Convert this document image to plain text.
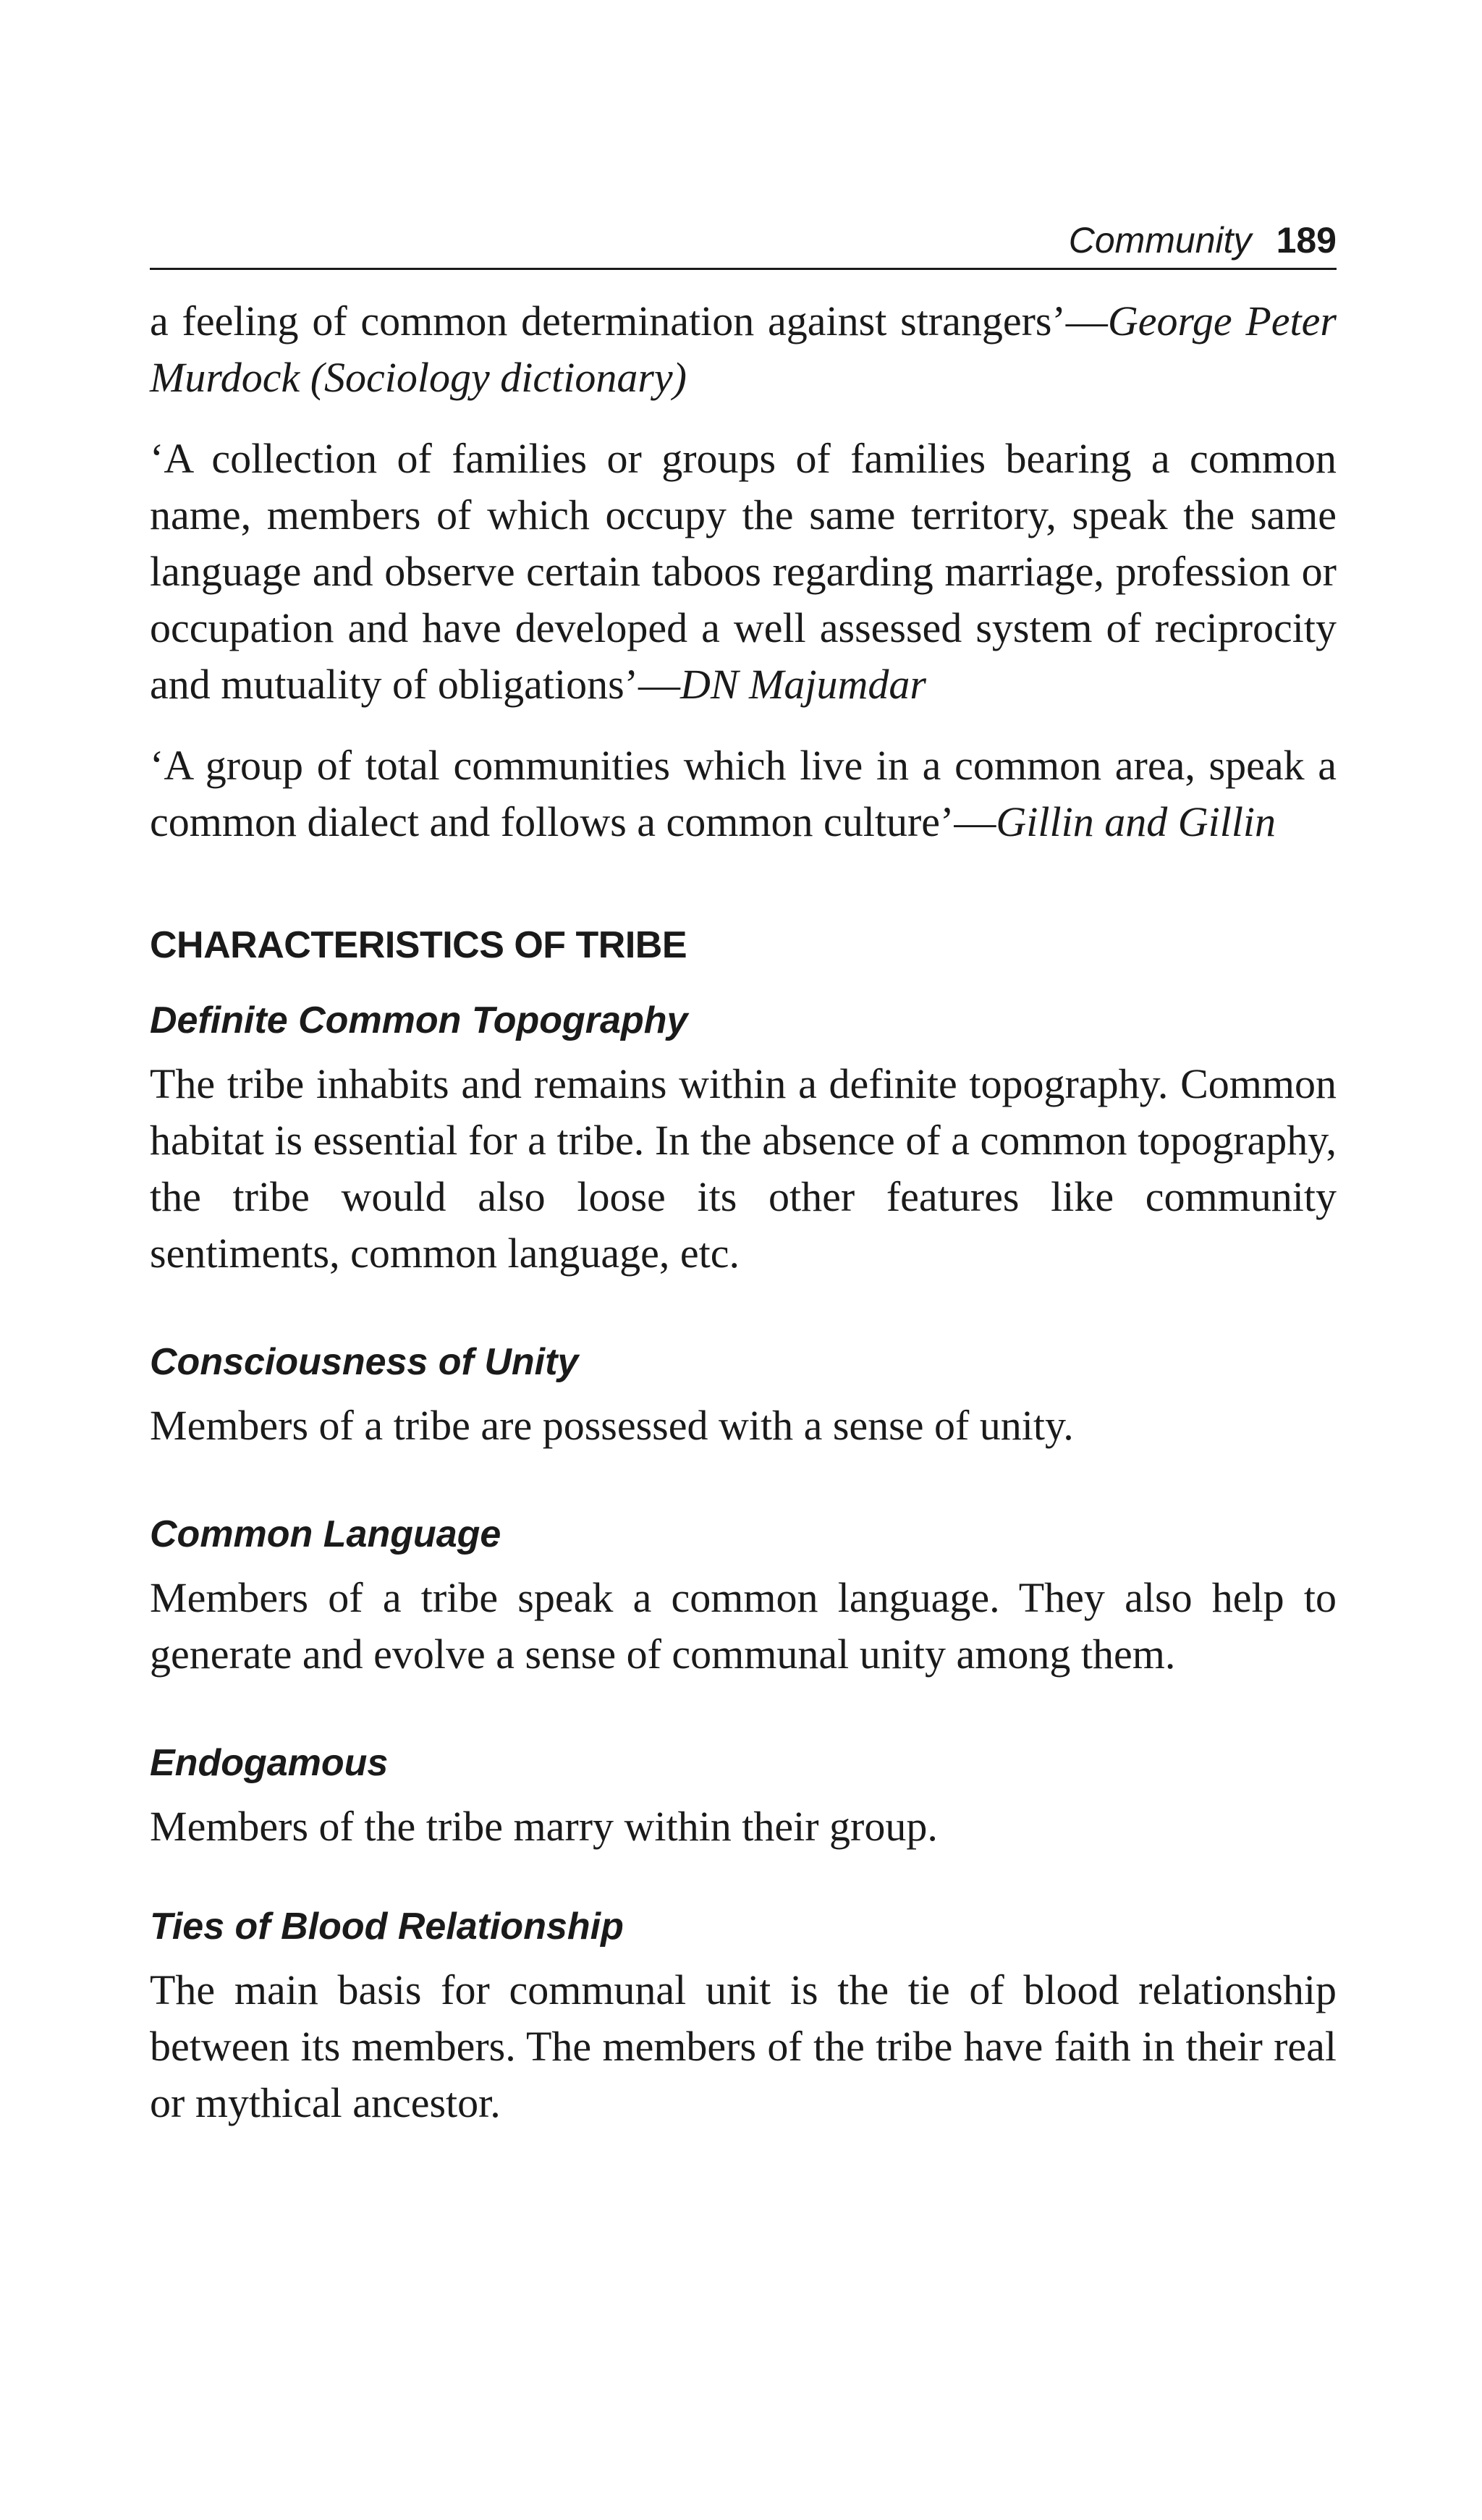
Community 189

a feeling of common determination against strangers’—George Peter Murdock (Sociology dictionary)

‘A collection of families or groups of families bearing a common name, members of which occupy the same territory, speak the same language and observe certain taboos regarding marriage, profession or occupation and have developed a well assessed system of reciprocity and mutuality of obligations’—DN Majumdar

‘A group of total communities which live in a common area, speak a common dialect and follows a common culture’—Gillin and Gillin

CHARACTERISTICS OF TRIBE
Definite Common Topography

The tribe inhabits and remains within a definite topography. Common habitat is essential for a tribe. In the absence of a common topography, the tribe would also loose its other features like community sentiments, common language, etc.

Consciousness of Unity

Members of a tribe are possessed with a sense of unity.

Common Language

Members of a tribe speak a common language. They also help to generate and evolve a sense of communal unity among them.

Endogamous

Members of the tribe marry within their group.

Ties of Blood Relationship

The main basis for communal unit is the tie of blood relationship between its members. The members of the tribe have faith in their real or mythical ancestor.
